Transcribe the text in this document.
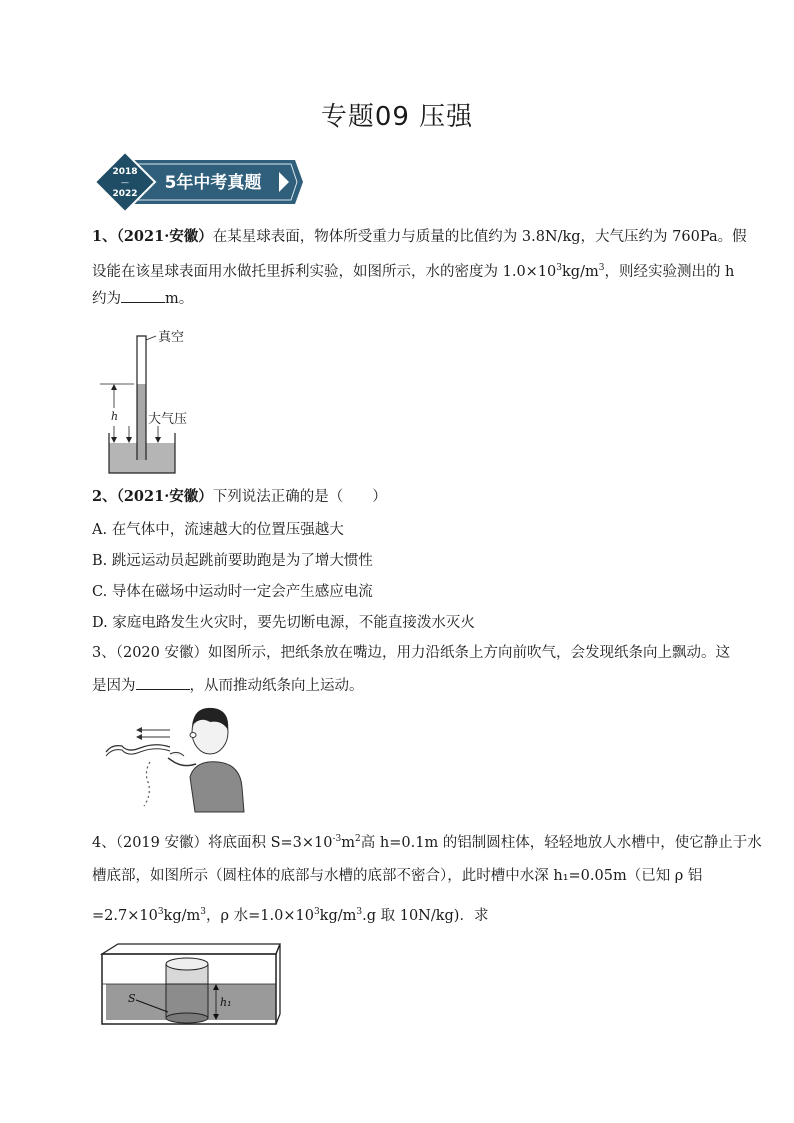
专题09 压强
2018
—
2022
5年中考真题
1、（2021·安徽）在某星球表面，物体所受重力与质量的比值约为 3.8N/kg，大气压约为 760Pa。假
设能在该星球表面用水做托里拆利实验，如图所示，水的密度为 $1.0\times 10^3kg/m^3$，则经实验测出的 h
约为	m。
真空
h 大气压
2、（2021·安徽）下列说法正确的是（　　）
A. 在气体中，流速越大的位置压强越大
B. 跳远运动员起跳前要助跑是为了增大惯性
C. 导体在磁场中运动时一定会产生感应电流
D. 家庭电路发生火灾时，要先切断电源，不能直接泼水灭火
3、（2020 安徽）如图所示，把纸条放在嘴边，用力沿纸条上方向前吹气，会发现纸条向上飘动。这
是因为	，从而推动纸条向上运动。
4、（2019 安徽）将底面积 $S=3\times 10^{-3}m^2$高 h=0.1m 的铝制圆柱体，轻轻地放人水槽中，使它静止于水
槽底部，如图所示（圆柱体的底部与水槽的底部不密合），此时槽中水深 h₁=0.05m（已知 ρ 铝
$=2.7\times 10^3kg/m^3$，ρ 水$=1.0\times 10^3kg/m^3.g$ 取 10N/kg)．求
S	h₁
